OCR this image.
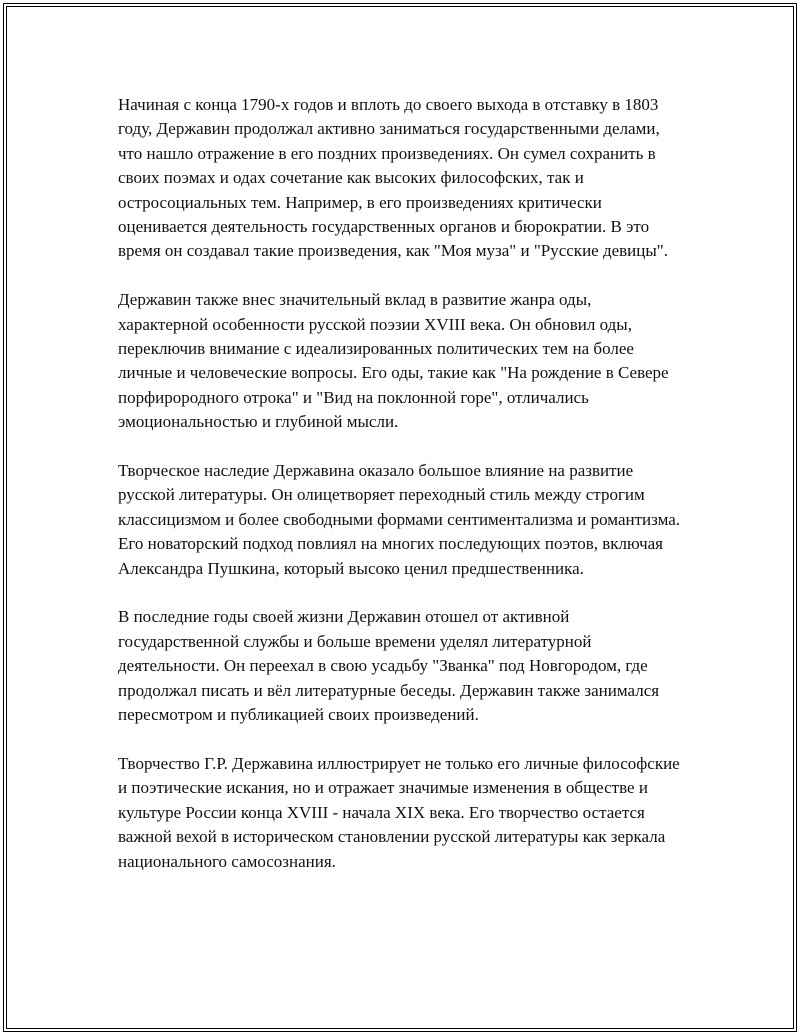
Начиная с конца 1790-х годов и вплоть до своего выхода в отставку в 1803 году, Державин продолжал активно заниматься государственными делами, что нашло отражение в его поздних произведениях. Он сумел сохранить в своих поэмах и одах сочетание как высоких философских, так и остросоциальных тем. Например, в его произведениях критически оценивается деятельность государственных органов и бюрократии. В это время он создавал такие произведения, как "Моя муза" и "Русские девицы".

Державин также внес значительный вклад в развитие жанра оды, характерной особенности русской поэзии XVIII века. Он обновил оды, переключив внимание с идеализированных политических тем на более личные и человеческие вопросы. Его оды, такие как "На рождение в Севере порфирородного отрока" и "Вид на поклонной горе", отличались эмоциональностью и глубиной мысли.

Творческое наследие Державина оказало большое влияние на развитие русской литературы. Он олицетворяет переходный стиль между строгим классицизмом и более свободными формами сентиментализма и романтизма. Его новаторский подход повлиял на многих последующих поэтов, включая Александра Пушкина, который высоко ценил предшественника.

В последние годы своей жизни Державин отошел от активной государственной службы и больше времени уделял литературной деятельности. Он переехал в свою усадьбу "Званка" под Новгородом, где продолжал писать и вёл литературные беседы. Державин также занимался пересмотром и публикацией своих произведений.

Творчество Г.Р. Державина иллюстрирует не только его личные философские и поэтические искания, но и отражает значимые изменения в обществе и культуре России конца XVIII - начала XIX века. Его творчество остается важной вехой в историческом становлении русской литературы как зеркала национального самосознания.
